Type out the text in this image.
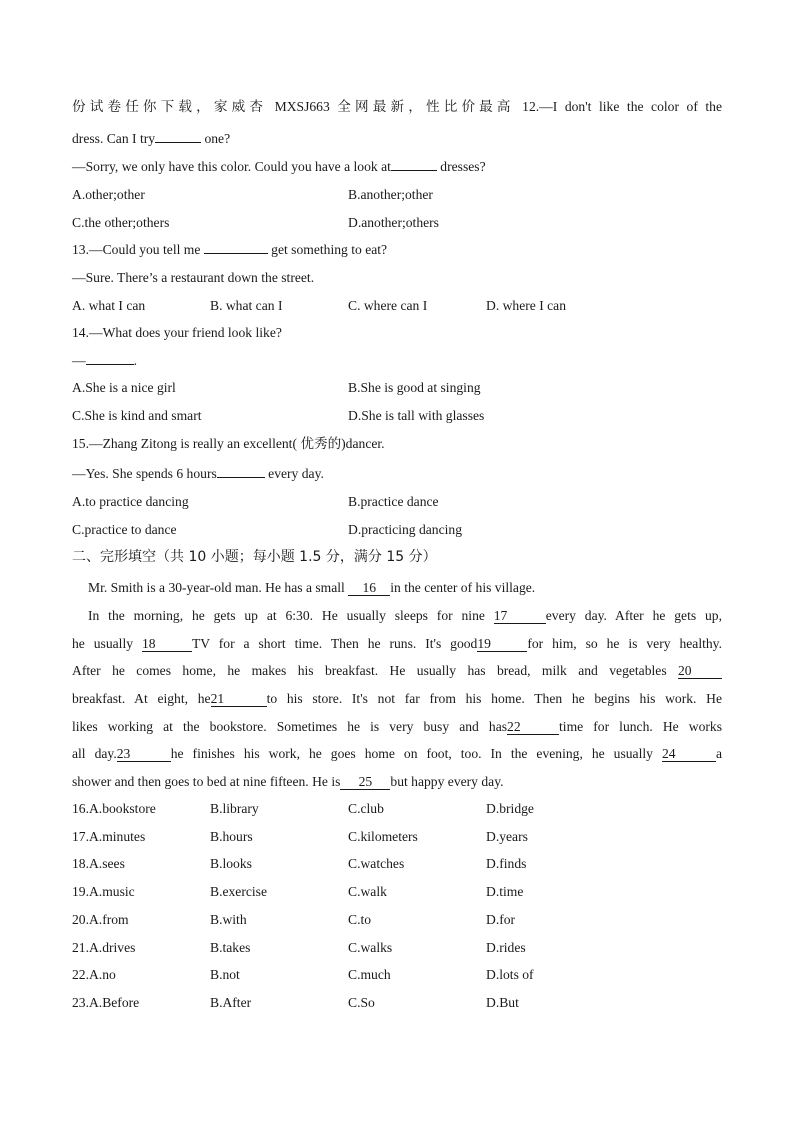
份试卷任你下载，家威杏 MXSJ663 全网最新，性比价最高 12.—I don't like the color of the
dress. Can I try	one?
—Sorry, we only have this color. Could you have a look at	dresses?
A.other;other	B.another;other
C.the other;others	D.another;others
13.—Could you tell me	get something to eat?
—Sure. There’s a restaurant down the street.
A. what I can	B. what can I	C. where can I	D. where I can
14.—What does your friend look like?
—	.
A.She is a nice girl	B.She is good at singing
C.She is kind and smart	D.She is tall with glasses
15.—Zhang Zitong is really an excellent( 优秀的)dancer.
—Yes. She spends 6 hours	every day.
A.to practice dancing	B.practice dance
C.practice to dance	D.practicing dancing
二、完形填空（共 10 小题；每小题 1.5 分，满分 15 分）
Mr. Smith is a 30-year-old man. He has a small 16 in the center of his village.
In the morning, he gets up at 6:30. He usually sleeps for nine 17	every day. After he gets up,
he usually 18	TV for a short time. Then he runs. It's good19	for him, so he is very healthy.
After he comes home, he makes his breakfast. He usually has bread, milk and vegetables 20
breakfast. At eight, he21	to his store. It's not far from his home. Then he begins his work. He
likes working at the bookstore. Sometimes he is very busy and has22	time for lunch. He works
all day.23	he finishes his work, he goes home on foot, too. In the evening, he usually 24	a
shower and then goes to bed at nine fifteen. He is 25 but happy every day.
16.A.bookstore	B.library	C.club	D.bridge
17.A.minutes	B.hours	C.kilometers	D.years
18.A.sees	B.looks	C.watches	D.finds
19.A.music	B.exercise	C.walk	D.time
20.A.from	B.with	C.to	D.for
21.A.drives	B.takes	C.walks	D.rides
22.A.no	B.not	C.much	D.lots of
23.A.Before	B.After	C.So	D.But
